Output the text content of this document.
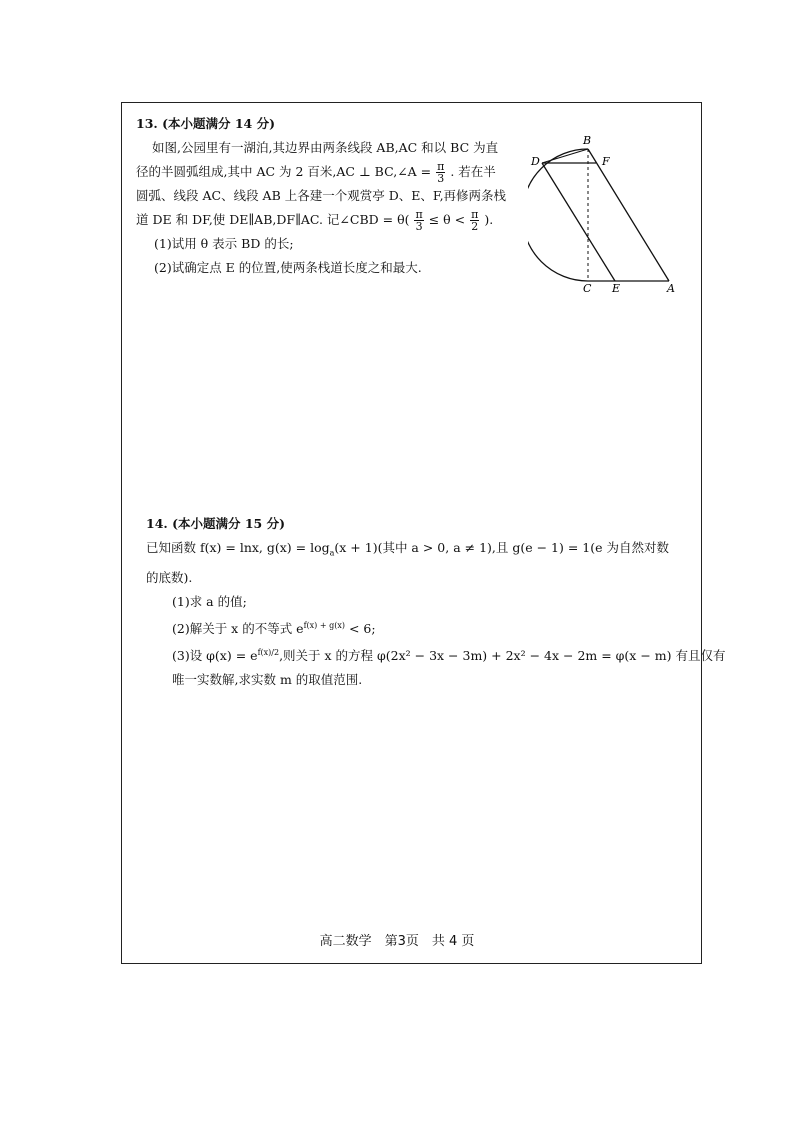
13. (本小题满分 14 分)
如图,公园里有一湖泊,其边界由两条线段 AB,AC 和以 BC 为直
径的半圆弧组成,其中 AC 为 2 百米,AC ⊥ BC,∠A = $\frac{\pi}{3}$ . 若在半
圆弧、线段 AC、线段 AB 上各建一个观赏亭 D、E、F,再修两条栈
道 DE 和 DF,使 DE∥AB,DF∥AC. 记∠CBD = $\theta( \frac{\pi}{3} \le \theta < \frac{\pi}{2}$ ).
(1)试用 θ 表示 BD 的长;
(2)试确定点 E 的位置,使两条栈道长度之和最大.
B
D	F
C E	A
14. (本小题满分 15 分)
已知函数 f(x) = lnx, $g(x) = \log_a(x + 1)$(其中 a > 0, a ≠ 1),且 g(e − 1) = 1(e 为自然对数
的底数).
(1)求 a 的值;
(2)解关于 x 的不等式 $e^{f(x) + g(x)} < 6$;
(3)设 $\varphi(x) = e^{f(x)/2}$,则关于 x 的方程 φ(2x² − 3x − 3m) + 2x² − 4x − 2m = φ(x − m) 有且仅有
唯一实数解,求实数 m 的取值范围.
高二数学　第3页　共 4 页
